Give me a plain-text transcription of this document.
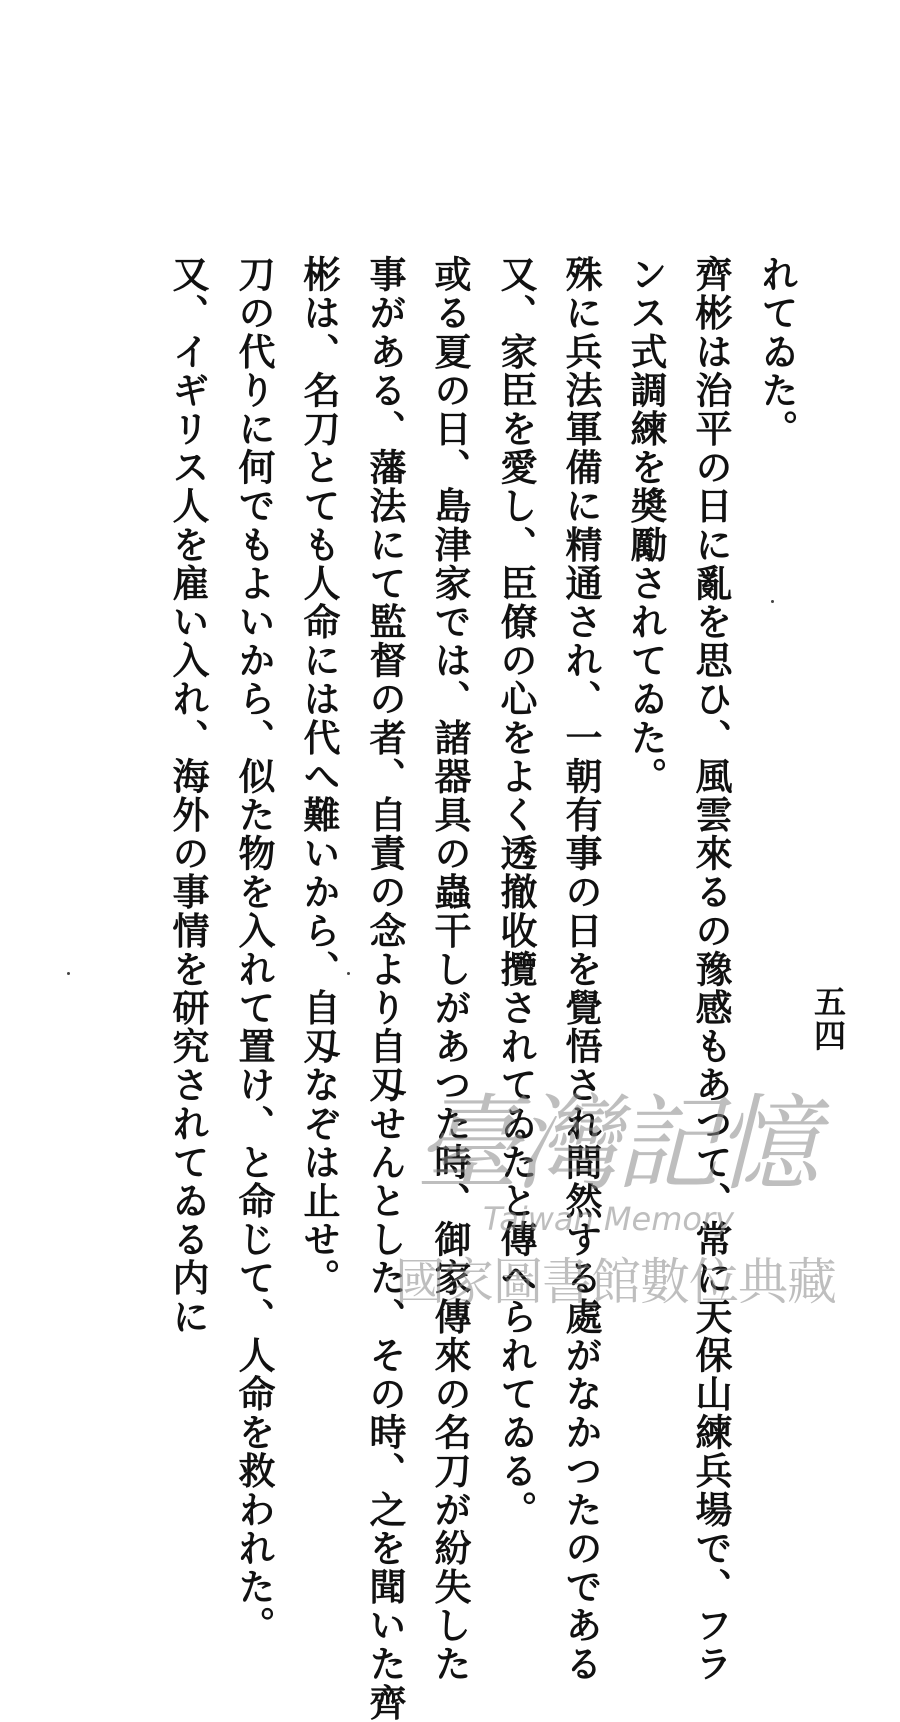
れてゐた。
齊彬は治平の日に亂を思ひ、風雲來るの豫感もあつて、常に天保山練兵場で、フラ
ンス式調練を奬勵されてゐた。
殊に兵法軍備に精通され、一朝有事の日を覺悟され間然する處がなかつたのである
又、家臣を愛し、臣僚の心をよく透撤收攬されてゐたと傳へられてゐる。
或る夏の日、島津家では、諸器具の蟲干しがあつた時、御家傳來の名刀が紛失した
事がある、藩法にて監督の者、自責の念より自刄せんとした、その時、之を聞いた齊
彬は、名刀とても人命には代へ難いから、自刄なぞは止せ。
刀の代りに何でもよいから、似た物を入れて置け、と命じて、人命を救われた。
又、イギリス人を雇い入れ、海外の事情を研究されてゐる内に	五四
臺灣記憶
Taiwan Memory
國家圖書館數位典藏
